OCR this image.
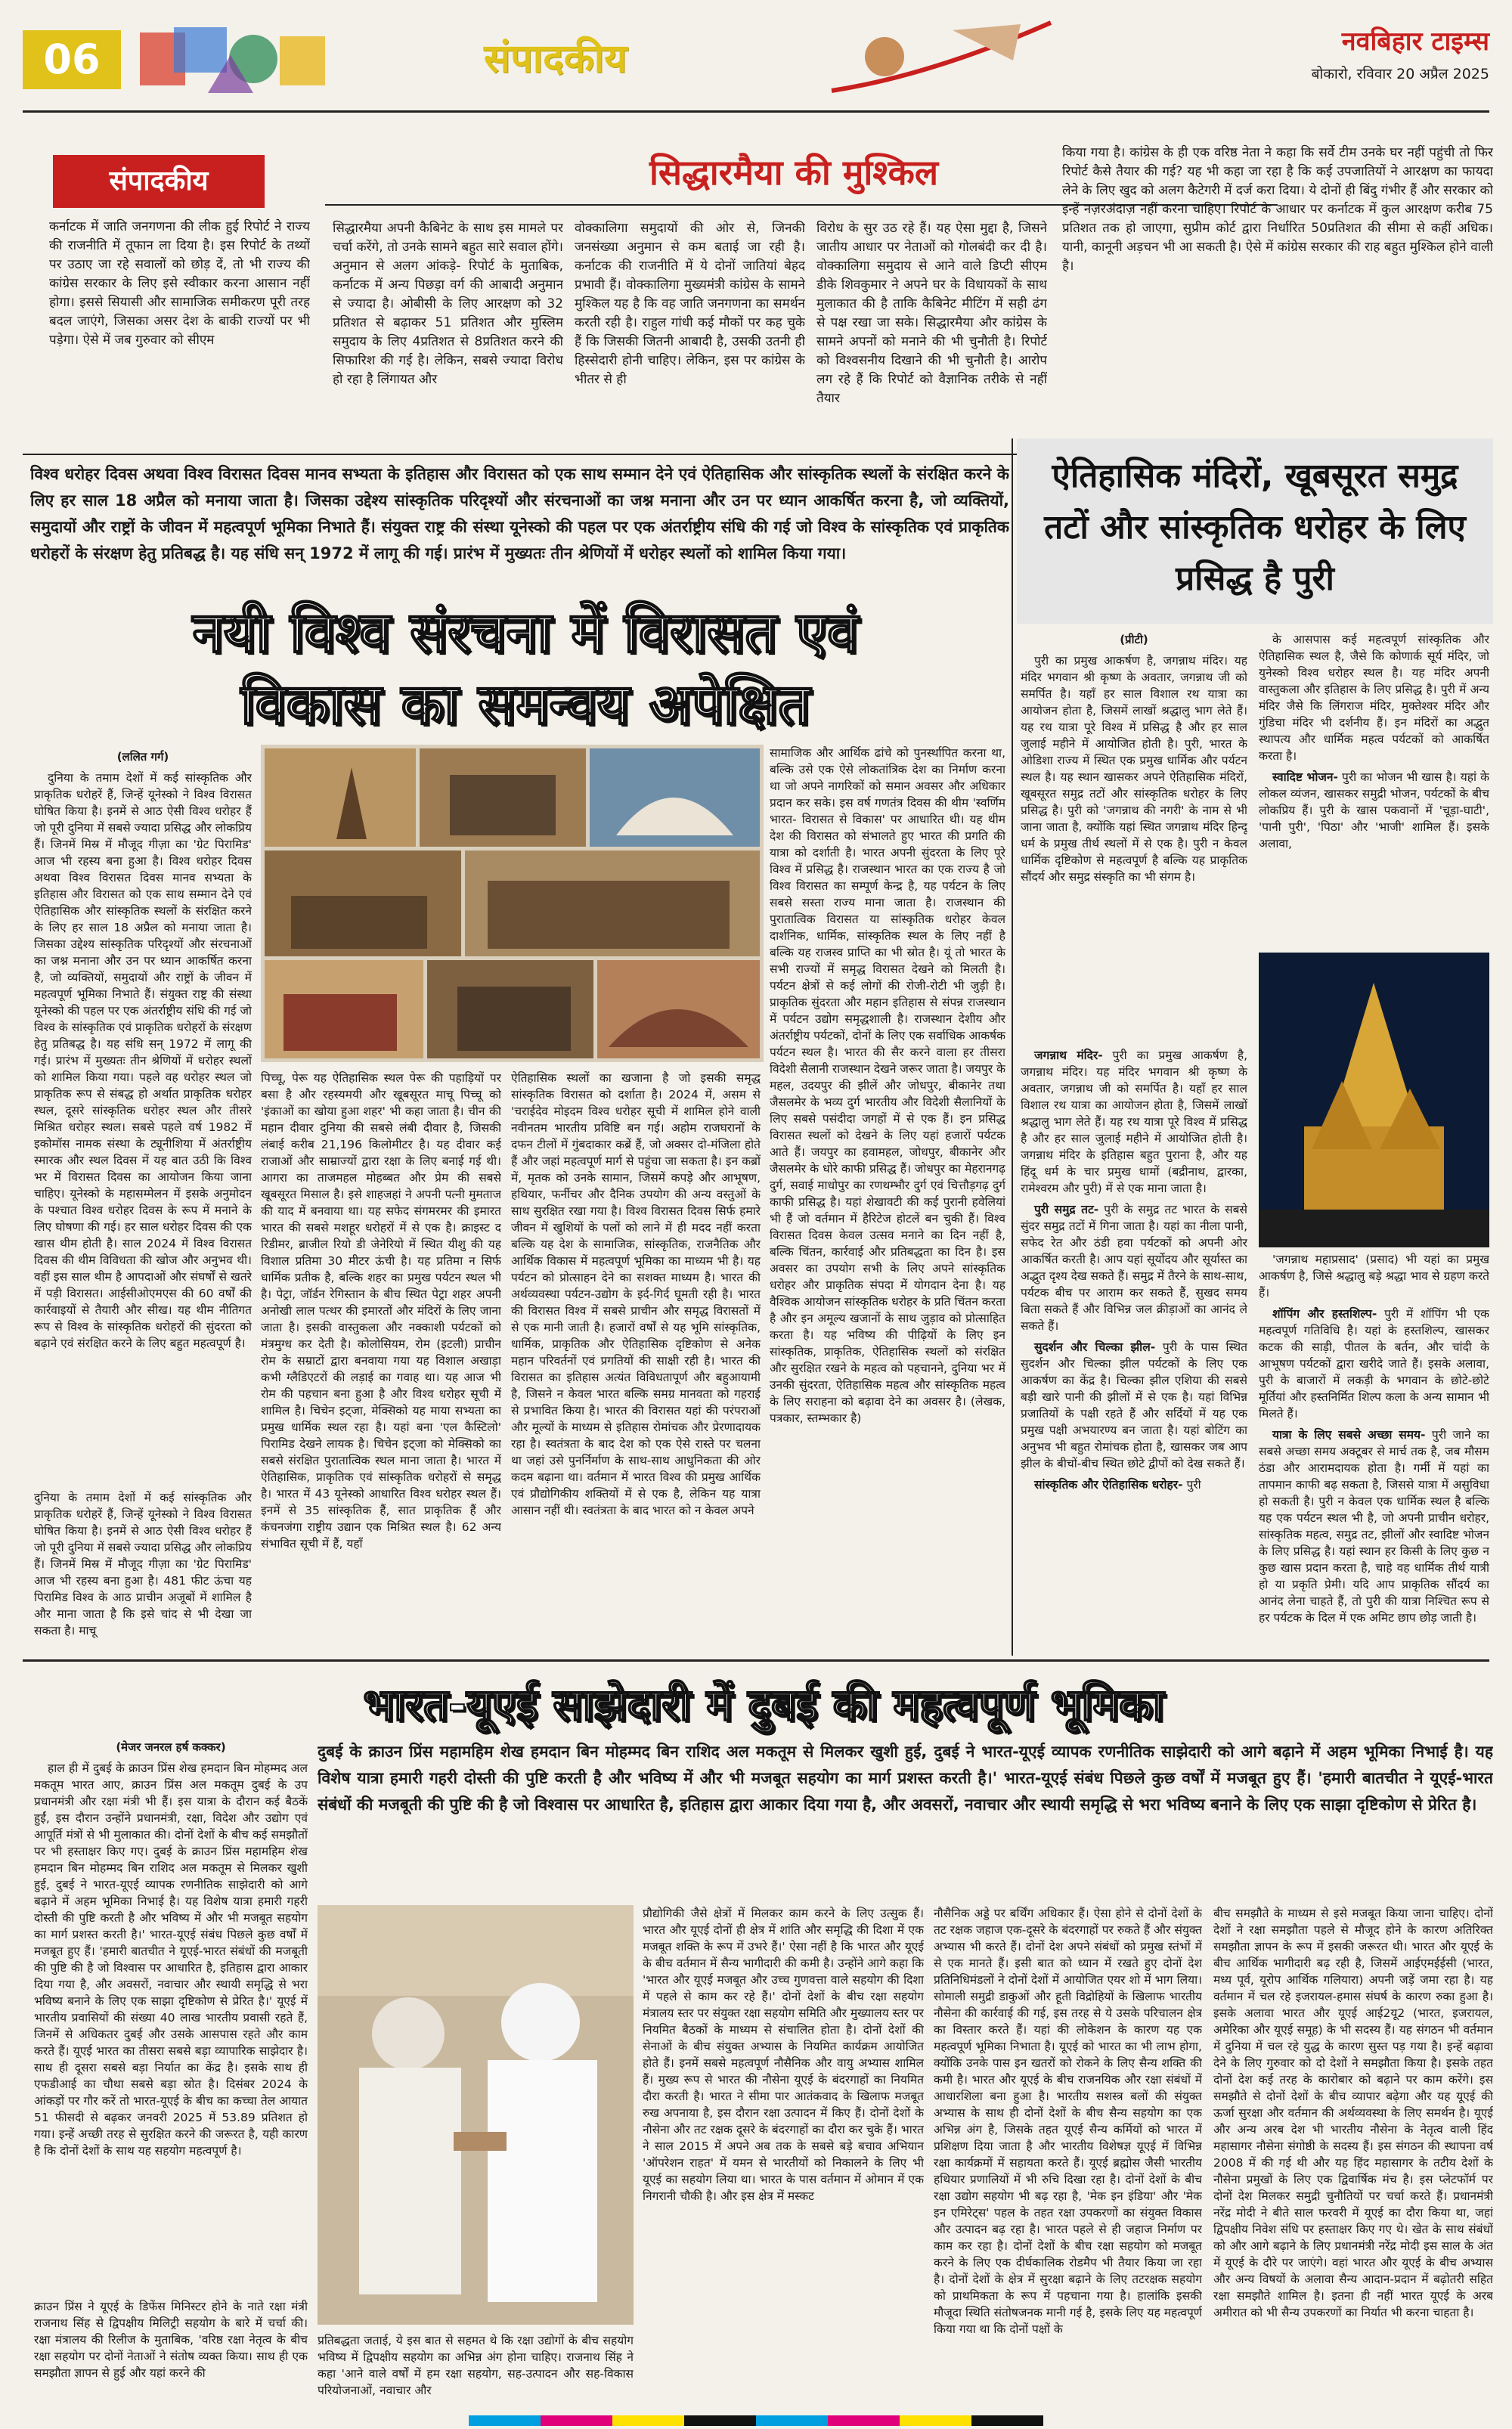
06	संपादकीय	नवबिहार टाइम्स
बोकारो, रविवार 20 अप्रैल 2025
संपादकीय	सिद्धारमैया की मुश्किल
कर्नाटक में जाति जनगणना की लीक हुई रिपोर्ट ने राज्य की राजनीति में तूफान ला दिया है। इस रिपोर्ट के तथ्यों पर उठाए जा रहे सवालों को छोड़ दें, तो भी राज्य की कांग्रेस सरकार के लिए इसे स्वीकार करना आसान नहीं होगा। इससे सियासी और सामाजिक समीकरण पूरी तरह बदल जाएंगे, जिसका असर देश के बाकी राज्यों पर भी पड़ेगा। ऐसे में जब गुरुवार को सीएम
सिद्धारमैया अपनी कैबिनेट के साथ इस मामले पर चर्चा करेंगे, तो उनके सामने बहुत सारे सवाल होंगे। अनुमान से अलग आंकड़े- रिपोर्ट के मुताबिक, कर्नाटक में अन्य पिछड़ा वर्ग की आबादी अनुमान से ज्यादा है। ओबीसी के लिए आरक्षण को 32 प्रतिशत से बढ़ाकर 51 प्रतिशत और मुस्लिम समुदाय के लिए 4प्रतिशत से 8प्रतिशत करने की सिफारिश की गई है। लेकिन, सबसे ज्यादा विरोध हो रहा है लिंगायत और
वोक्कालिगा समुदायों की ओर से, जिनकी जनसंख्या अनुमान से कम बताई जा रही है। कर्नाटक की राजनीति में ये दोनों जातियां बेहद प्रभावी हैं। वोक्कालिगा मुख्यमंत्री कांग्रेस के सामने मुश्किल यह है कि वह जाति जनगणना का समर्थन करती रही है। राहुल गांधी कई मौकों पर कह चुके हैं कि जिसकी जितनी आबादी है, उसकी उतनी ही हिस्सेदारी होनी चाहिए। लेकिन, इस पर कांग्रेस के भीतर से ही
विरोध के सुर उठ रहे हैं। यह ऐसा मुद्दा है, जिसने जातीय आधार पर नेताओं को गोलबंदी कर दी है। वोक्कालिगा समुदाय से आने वाले डिप्टी सीएम डीके शिवकुमार ने अपने घर के विधायकों के साथ मुलाकात की है ताकि कैबिनेट मीटिंग में सही ढंग से पक्ष रखा जा सके। सिद्धारमैया और कांग्रेस के सामने अपनों को मनाने की भी चुनौती है। रिपोर्ट को विश्वसनीय दिखाने की भी चुनौती है। आरोप लग रहे हैं कि रिपोर्ट को वैज्ञानिक तरीके से नहीं तैयार
किया गया है। कांग्रेस के ही एक वरिष्ठ नेता ने कहा कि सर्वे टीम उनके घर नहीं पहुंची तो फिर रिपोर्ट कैसे तैयार की गई? यह भी कहा जा रहा है कि कई उपजातियों ने आरक्षण का फायदा लेने के लिए खुद को अलग कैटेगरी में दर्ज करा दिया। ये दोनों ही बिंदु गंभीर हैं और सरकार को इन्हें नज़रअंदाज़ नहीं करना चाहिए। रिपोर्ट के आधार पर कर्नाटक में कुल आरक्षण करीब 75 प्रतिशत तक हो जाएगा, सुप्रीम कोर्ट द्वारा निर्धारित 50प्रतिशत की सीमा से कहीं अधिक। यानी, कानूनी अड़चन भी आ सकती है। ऐसे में कांग्रेस सरकार की राह बहुत मुश्किल होने वाली है।
विश्व धरोहर दिवस अथवा विश्व विरासत दिवस मानव सभ्यता के इतिहास और विरासत को एक साथ सम्मान देने एवं ऐतिहासिक और सांस्कृतिक स्थलों के संरक्षित करने के लिए हर साल 18 अप्रैल को मनाया जाता है। जिसका उद्देश्य सांस्कृतिक परिदृश्यों और संरचनाओं का जश्न मनाना और उन पर ध्यान आकर्षित करना है, जो व्यक्तियों, समुदायों और राष्ट्रों के जीवन में महत्वपूर्ण भूमिका निभाते हैं। संयुक्त राष्ट्र की संस्था यूनेस्को की पहल पर एक अंतर्राष्ट्रीय संधि की गई जो विश्व के सांस्कृतिक एवं प्राकृतिक धरोहरों के संरक्षण हेतु प्रतिबद्ध है। यह संधि सन् 1972 में लागू की गई। प्रारंभ में मुख्यतः तीन श्रेणियों में धरोहर स्थलों को शामिल किया गया।
नयी विश्व संरचना में विरासत एवं
विकास का समन्वय अपेक्षित

(ललित गर्ग)

दुनिया के तमाम देशों में कई सांस्कृतिक और प्राकृतिक धरोहरें हैं, जिन्हें यूनेस्को ने विश्व विरासत घोषित किया है। इनमें से आठ ऐसी विश्व धरोहर हैं जो पूरी दुनिया में सबसे ज्यादा प्रसिद्ध और लोकप्रिय हैं। जिनमें मिस्र में मौजूद गीज़ा का 'ग्रेट पिरामिड' आज भी रहस्य बना हुआ है। विश्व धरोहर दिवस अथवा विश्व विरासत दिवस मानव सभ्यता के इतिहास और विरासत को एक साथ सम्मान देने एवं ऐतिहासिक और सांस्कृतिक स्थलों के संरक्षित करने के लिए हर साल 18 अप्रैल को मनाया जाता है। जिसका उद्देश्य सांस्कृतिक परिदृश्यों और संरचनाओं का जश्न मनाना और उन पर ध्यान आकर्षित करना है, जो व्यक्तियों, समुदायों और राष्ट्रों के जीवन में महत्वपूर्ण भूमिका निभाते हैं। संयुक्त राष्ट्र की संस्था यूनेस्को की पहल पर एक अंतर्राष्ट्रीय संधि की गई जो विश्व के सांस्कृतिक एवं प्राकृतिक धरोहरों के संरक्षण हेतु प्रतिबद्ध है। यह संधि सन् 1972 में लागू की गई। प्रारंभ में मुख्यतः तीन श्रेणियों में धरोहर स्थलों को शामिल किया गया। पहले वह धरोहर स्थल जो प्राकृतिक रूप से संबद्ध हो अर्थात प्राकृतिक धरोहर स्थल, दूसरे सांस्कृतिक धरोहर स्थल और तीसरे मिश्रित धरोहर स्थल। सबसे पहले वर्ष 1982 में इकोमॉस नामक संस्था के ट्यूनीशिया में अंतर्राष्ट्रीय स्मारक और स्थल दिवस में यह बात उठी कि विश्व भर में विरासत दिवस का आयोजन किया जाना चाहिए। यूनेस्को के महासम्मेलन में इसके अनुमोदन के पश्चात विश्व धरोहर दिवस के रूप में मनाने के लिए घोषणा की गई। हर साल धरोहर दिवस की एक खास थीम होती है। साल 2024 में विश्व विरासत दिवस की थीम विविधता की खोज और अनुभव थी। वहीं इस साल थीम है आपदाओं और संघर्षों से खतरे में पड़ी विरासत। आईसीओएमएस की 60 वर्षों की कार्रवाइयों से तैयारी और सीख। यह थीम नीतिगत रूप से विश्व के सांस्कृतिक धरोहरों की सुंदरता को बढ़ाने एवं संरक्षित करने के लिए बहुत महत्वपूर्ण है।

दुनिया के तमाम देशों में कई सांस्कृतिक और प्राकृतिक धरोहरें हैं, जिन्हें यूनेस्को ने विश्व विरासत घोषित किया है। इनमें से आठ ऐसी विश्व धरोहर हैं जो पूरी दुनिया में सबसे ज्यादा प्रसिद्ध और लोकप्रिय हैं। जिनमें मिस्र में मौजूद गीज़ा का 'ग्रेट पिरामिड' आज भी रहस्य बना हुआ है। 481 फीट ऊंचा यह पिरामिड विश्व के आठ प्राचीन अजूबों में शामिल है और माना जाता है कि इसे चांद से भी देखा जा सकता है। माचू
पिच्चू, पेरू यह ऐतिहासिक स्थल पेरू की पहाड़ियों पर बसा है और रहस्यमयी और खूबसूरत माचू पिच्चू को 'इंकाओं का खोया हुआ शहर' भी कहा जाता है। चीन की महान दीवार दुनिया की सबसे लंबी दीवार है, जिसकी लंबाई करीब 21,196 किलोमीटर है। यह दीवार कई राजाओं और साम्राज्यों द्वारा रक्षा के लिए बनाई गई थी। आगरा का ताजमहल मोहब्बत और प्रेम की सबसे खूबसूरत मिसाल है। इसे शाहजहां ने अपनी पत्नी मुमताज की याद में बनवाया था। यह सफेद संगमरमर की इमारत भारत की सबसे मशहूर धरोहरों में से एक है। क्राइस्ट द रिडीमर, ब्राजील रियो डी जेनेरियो में स्थित यीशु की यह विशाल प्रतिमा 30 मीटर ऊंची है। यह प्रतिमा न सिर्फ धार्मिक प्रतीक है, बल्कि शहर का प्रमुख पर्यटन स्थल भी है। पेट्रा, जॉर्डन रेगिस्तान के बीच स्थित पेट्रा शहर अपनी अनोखी लाल पत्थर की इमारतों और मंदिरों के लिए जाना जाता है। इसकी वास्तुकला और नक्काशी पर्यटकों को मंत्रमुग्ध कर देती है। कोलोसियम, रोम (इटली) प्राचीन रोम के सम्राटों द्वारा बनवाया गया यह विशाल अखाड़ा कभी ग्लैडिएटरों की लड़ाई का गवाह था। यह आज भी रोम की पहचान बना हुआ है और विश्व धरोहर सूची में शामिल है। चिचेन इट्जा, मेक्सिको यह माया सभ्यता का प्रमुख धार्मिक स्थल रहा है। यहां बना 'एल कैस्टिलो' पिरामिड देखने लायक है। चिचेन इट्जा को मेक्सिको का सबसे संरक्षित पुरातात्विक स्थल माना जाता है। भारत में ऐतिहासिक, प्राकृतिक एवं सांस्कृतिक धरोहरों से समृद्ध है। भारत में 43 यूनेस्को आधारित विश्व धरोहर स्थल हैं। इनमें से 35 सांस्कृतिक हैं, सात प्राकृतिक हैं और कंचनजंगा राष्ट्रीय उद्यान एक मिश्रित स्थल है। 62 अन्य संभावित सूची में हैं, यहाँ
ऐतिहासिक स्थलों का खजाना है जो इसकी समृद्ध सांस्कृतिक विरासत को दर्शाता है। 2024 में, असम से 'चराईदेव मोइदम विश्व धरोहर सूची में शामिल होने वाली नवीनतम भारतीय प्रविष्टि बन गई। अहोम राजघरानों के दफन टीलों में गुंबदाकार कब्रें हैं, जो अक्सर दो-मंजिला होते हैं और जहां महत्वपूर्ण मार्ग से पहुंचा जा सकता है। इन कब्रों में, मृतक को उनके सामान, जिसमें कपड़े और आभूषण, हथियार, फर्नीचर और दैनिक उपयोग की अन्य वस्तुओं के साथ सुरक्षित रखा गया है। विश्व विरासत दिवस सिर्फ हमारे जीवन में खुशियों के पलों को लाने में ही मदद नहीं करता बल्कि यह देश के सामाजिक, सांस्कृतिक, राजनैतिक और आर्थिक विकास में महत्वपूर्ण भूमिका का माध्यम भी है। यह पर्यटन को प्रोत्साहन देने का सशक्त माध्यम है। भारत की अर्थव्यवस्था पर्यटन-उद्योग के इर्द-गिर्द घूमती रही है। भारत की विरासत विश्व में सबसे प्राचीन और समृद्ध विरासतों में से एक मानी जाती है। हजारों वर्षों से यह भूमि सांस्कृतिक, धार्मिक, प्राकृतिक और ऐतिहासिक दृष्टिकोण से अनेक महान परिवर्तनों एवं प्रगतियों की साक्षी रही है। भारत की विरासत का इतिहास अत्यंत विविधतापूर्ण और बहुआयामी है, जिसने न केवल भारत बल्कि समग्र मानवता को गहराई से प्रभावित किया है। भारत की विरासत यहां की परंपराओं और मूल्यों के माध्यम से इतिहास रोमांचक और प्रेरणादायक रहा है। स्वतंत्रता के बाद देश को एक ऐसे रास्ते पर चलना था जहां उसे पुनर्निर्माण के साथ-साथ आधुनिकता की ओर कदम बढ़ाना था। वर्तमान में भारत विश्व की प्रमुख आर्थिक एवं प्रौद्योगिकीय शक्तियों में से एक है, लेकिन यह यात्रा आसान नहीं थी। स्वतंत्रता के बाद भारत को न केवल अपने
सामाजिक और आर्थिक ढांचे को पुनर्स्थापित करना था, बल्कि उसे एक ऐसे लोकतांत्रिक देश का निर्माण करना था जो अपने नागरिकों को समान अवसर और अधिकार प्रदान कर सके। इस वर्ष गणतंत्र दिवस की थीम 'स्वर्णिम भारत- विरासत से विकास' पर आधारित थी। यह थीम देश की विरासत को संभालते हुए भारत की प्रगति की यात्रा को दर्शाती है। भारत अपनी सुंदरता के लिए पूरे विश्व में प्रसिद्ध है। राजस्थान भारत का एक राज्य है जो विश्व विरासत का सम्पूर्ण केन्द्र है, यह पर्यटन के लिए सबसे सस्ता राज्य माना जाता है। राजस्थान की पुरातात्विक विरासत या सांस्कृतिक धरोहर केवल दार्शनिक, धार्मिक, सांस्कृतिक स्थल के लिए नहीं है बल्कि यह राजस्व प्राप्ति का भी स्रोत है। यूं तो भारत के सभी राज्यों में समृद्ध विरासत देखने को मिलती है। पर्यटन क्षेत्रों से कई लोगों की रोजी-रोटी भी जुड़ी है। प्राकृतिक सुंदरता और महान इतिहास से संपन्न राजस्थान में पर्यटन उद्योग समृद्धशाली है। राजस्थान देशीय और अंतर्राष्ट्रीय पर्यटकों, दोनों के लिए एक सर्वाधिक आकर्षक पर्यटन स्थल है। भारत की सैर करने वाला हर तीसरा विदेशी सैलानी राजस्थान देखने जरूर जाता है। जयपुर के महल, उदयपुर की झीलें और जोधपुर, बीकानेर तथा जैसलमेर के भव्य दुर्ग भारतीय और विदेशी सैलानियों के लिए सबसे पसंदीदा जगहों में से एक हैं। इन प्रसिद्ध विरासत स्थलों को देखने के लिए यहां हजारों पर्यटक आते हैं। जयपुर का हवामहल, जोधपुर, बीकानेर और जैसलमेर के धोरे काफी प्रसिद्ध हैं। जोधपुर का मेहरानगढ़ दुर्ग, सवाई माधोपुर का रणथम्भौर दुर्ग एवं चित्तौड़गढ़ दुर्ग काफी प्रसिद्ध है। यहां शेखावटी की कई पुरानी हवेलियां भी हैं जो वर्तमान में हैरिटेज होटलें बन चुकी हैं। विश्व विरासत दिवस केवल उत्सव मनाने का दिन नहीं है, बल्कि चिंतन, कार्रवाई और प्रतिबद्धता का दिन है। इस अवसर का उपयोग सभी के लिए अपने सांस्कृतिक धरोहर और प्राकृतिक संपदा में योगदान देना है। यह वैश्विक आयोजन सांस्कृतिक धरोहर के प्रति चिंतन करता है और इन अमूल्य खजानों के साथ जुड़ाव को प्रोत्साहित करता है। यह भविष्य की पीढ़ियों के लिए इन सांस्कृतिक, प्राकृतिक, ऐतिहासिक स्थलों को संरक्षित और सुरक्षित रखने के महत्व को पहचानने, दुनिया भर में उनकी सुंदरता, ऐतिहासिक महत्व और सांस्कृतिक महत्व के लिए सराहना को बढ़ावा देने का अवसर है। (लेखक, पत्रकार, स्तम्भकार है)
ऐतिहासिक मंदिरों, खूबसूरत समुद्र तटों और सांस्कृतिक धरोहर के लिए प्रसिद्ध है पुरी

(प्रीटी)

पुरी का प्रमुख आकर्षण है, जगन्नाथ मंदिर। यह मंदिर भगवान श्री कृष्ण के अवतार, जगन्नाथ जी को समर्पित है। यहाँ हर साल विशाल रथ यात्रा का आयोजन होता है, जिसमें लाखों श्रद्धालु भाग लेते हैं। यह रथ यात्रा पूरे विश्व में प्रसिद्ध है और हर साल जुलाई महीने में आयोजित होती है। पुरी, भारत के ओडिशा राज्य में स्थित एक प्रमुख धार्मिक और पर्यटन स्थल है। यह स्थान खासकर अपने ऐतिहासिक मंदिरों, खूबसूरत समुद्र तटों और सांस्कृतिक धरोहर के लिए प्रसिद्ध है। पुरी को 'जगन्नाथ की नगरी' के नाम से भी जाना जाता है, क्योंकि यहां स्थित जगन्नाथ मंदिर हिन्दू धर्म के प्रमुख तीर्थ स्थलों में से एक है। पुरी न केवल धार्मिक दृष्टिकोण से महत्वपूर्ण है बल्कि यह प्राकृतिक सौंदर्य और समुद्र संस्कृति का भी संगम है।

जगन्नाथ मंदिर- पुरी का प्रमुख आकर्षण है, जगन्नाथ मंदिर। यह मंदिर भगवान श्री कृष्ण के अवतार, जगन्नाथ जी को समर्पित है। यहाँ हर साल विशाल रथ यात्रा का आयोजन होता है, जिसमें लाखों श्रद्धालु भाग लेते हैं। यह रथ यात्रा पूरे विश्व में प्रसिद्ध है और हर साल जुलाई महीने में आयोजित होती है। जगन्नाथ मंदिर के इतिहास बहुत पुराना है, और यह हिंदू धर्म के चार प्रमुख धामों (बद्रीनाथ, द्वारका, रामेश्वरम और पुरी) में से एक माना जाता है।

पुरी समुद्र तट- पुरी के समुद्र तट भारत के सबसे सुंदर समुद्र तटों में गिना जाता है। यहां का नीला पानी, सफेद रेत और ठंडी हवा पर्यटकों को अपनी ओर आकर्षित करती है। आप यहां सूर्योदय और सूर्यास्त का अद्भुत दृश्य देख सकते हैं। समुद्र में तैरने के साथ-साथ, पर्यटक बीच पर आराम कर सकते हैं, सुखद समय बिता सकते हैं और विभिन्न जल क्रीड़ाओं का आनंद ले सकते हैं।

सुदर्शन और चिल्का झील- पुरी के पास स्थित सुदर्शन और चिल्का झील पर्यटकों के लिए एक आकर्षण का केंद्र है। चिल्का झील एशिया की सबसे बड़ी खारे पानी की झीलों में से एक है। यहां विभिन्न प्रजातियों के पक्षी रहते हैं और सर्दियों में यह एक प्रमुख पक्षी अभयारण्य बन जाता है। यहां बोटिंग का अनुभव भी बहुत रोमांचक होता है, खासकर जब आप झील के बीचों-बीच स्थित छोटे द्वीपों को देख सकते हैं।

सांस्कृतिक और ऐतिहासिक धरोहर- पुरी

के आसपास कई महत्वपूर्ण सांस्कृतिक और ऐतिहासिक स्थल है, जैसे कि कोणार्क सूर्य मंदिर, जो युनेस्को विश्व धरोहर स्थल है। यह मंदिर अपनी वास्तुकला और इतिहास के लिए प्रसिद्ध है। पुरी में अन्य मंदिर जैसे कि लिंगराज मंदिर, मुक्तेश्वर मंदिर और गुंडिचा मंदिर भी दर्शनीय हैं। इन मंदिरों का अद्भुत स्थापत्य और धार्मिक महत्व पर्यटकों को आकर्षित करता है।

स्वादिष्ट भोजन- पुरी का भोजन भी खास है। यहां के लोकल व्यंजन, खासकर समुद्री भोजन, पर्यटकों के बीच लोकप्रिय हैं। पुरी के खास पकवानों में 'चूड़ा-घाटी', 'पानी पुरी', 'पिठा' और 'भाजी' शामिल हैं। इसके अलावा,

'जगन्नाथ महाप्रसाद' (प्रसाद) भी यहां का प्रमुख आकर्षण है, जिसे श्रद्धालु बड़े श्रद्धा भाव से ग्रहण करते हैं।

शॉपिंग और हस्तशिल्प- पुरी में शॉपिंग भी एक महत्वपूर्ण गतिविधि है। यहां के हस्तशिल्प, खासकर कटक की साड़ी, पीतल के बर्तन, और चांदी के आभूषण पर्यटकों द्वारा खरीदे जाते हैं। इसके अलावा, पुरी के बाजारों में लकड़ी के भगवान के छोटे-छोटे मूर्तियां और हस्तनिर्मित शिल्प कला के अन्य सामान भी मिलते हैं।

यात्रा के लिए सबसे अच्छा समय- पुरी जाने का सबसे अच्छा समय अक्टूबर से मार्च तक है, जब मौसम ठंडा और आरामदायक होता है। गर्मी में यहां का तापमान काफी बढ़ सकता है, जिससे यात्रा में असुविधा हो सकती है। पुरी न केवल एक धार्मिक स्थल है बल्कि यह एक पर्यटन स्थल भी है, जो अपनी प्राचीन धरोहर, सांस्कृतिक महत्व, समुद्र तट, झीलों और स्वादिष्ट भोजन के लिए प्रसिद्ध है। यहां स्थान हर किसी के लिए कुछ न कुछ खास प्रदान करता है, चाहे वह धार्मिक तीर्थ यात्री हो या प्रकृति प्रेमी। यदि आप प्राकृतिक सौंदर्य का आनंद लेना चाहते हैं, तो पुरी की यात्रा निश्चित रूप से हर पर्यटक के दिल में एक अमिट छाप छोड़ जाती है।

भारत-यूएई साझेदारी में दुबई की महत्वपूर्ण भूमिका
दुबई के क्राउन प्रिंस महामहिम शेख हमदान बिन मोहम्मद बिन राशिद अल मकतूम से मिलकर खुशी हुई, दुबई ने भारत-यूएई व्यापक रणनीतिक साझेदारी को आगे बढ़ाने में अहम भूमिका निभाई है। यह विशेष यात्रा हमारी गहरी दोस्ती की पुष्टि करती है और भविष्य में और भी मजबूत सहयोग का मार्ग प्रशस्त करती है।' भारत-यूएई संबंध पिछले कुछ वर्षों में मजबूत हुए हैं। 'हमारी बातचीत ने यूएई-भारत संबंधों की मजबूती की पुष्टि की है जो विश्वास पर आधारित है, इतिहास द्वारा आकार दिया गया है, और अवसरों, नवाचार और स्थायी समृद्धि से भरा भविष्य बनाने के लिए एक साझा दृष्टिकोण से प्रेरित है।

(मेजर जनरल हर्ष कक्कर)

हाल ही में दुबई के क्राउन प्रिंस शेख हमदान बिन मोहम्मद अल मकतूम भारत आए, क्राउन प्रिंस अल मकतूम दुबई के उप प्रधानमंत्री और रक्षा मंत्री भी हैं। इस यात्रा के दौरान कई बैठकें हुईं, इस दौरान उन्होंने प्रधानमंत्री, रक्षा, विदेश और उद्योग एवं आपूर्ति मंत्रों से भी मुलाकात की। दोनों देशों के बीच कई समझौतों पर भी हस्ताक्षर किए गए। दुबई के क्राउन प्रिंस महामहिम शेख हमदान बिन मोहम्मद बिन राशिद अल मकतूम से मिलकर खुशी हुई, दुबई ने भारत-यूएई व्यापक रणनीतिक साझेदारी को आगे बढ़ाने में अहम भूमिका निभाई है। यह विशेष यात्रा हमारी गहरी दोस्ती की पुष्टि करती है और भविष्य में और भी मजबूत सहयोग का मार्ग प्रशस्त करती है।' भारत-यूएई संबंध पिछले कुछ वर्षों में मजबूत हुए हैं। 'हमारी बातचीत ने यूएई-भारत संबंधों की मजबूती की पुष्टि की है जो विश्वास पर आधारित है, इतिहास द्वारा आकार दिया गया है, और अवसरों, नवाचार और स्थायी समृद्धि से भरा भविष्य बनाने के लिए एक साझा दृष्टिकोण से प्रेरित है।' यूएई में भारतीय प्रवासियों की संख्या 40 लाख भारतीय प्रवासी रहते हैं, जिनमें से अधिकतर दुबई और उसके आसपास रहते और काम करते हैं। यूएई भारत का तीसरा सबसे बड़ा व्यापारिक साझेदार है। साथ ही दूसरा सबसे बड़ा निर्यात का केंद्र है। इसके साथ ही एफडीआई का चौथा सबसे बड़ा स्रोत है। दिसंबर 2024 के आंकड़ों पर गौर करें तो भारत-यूएई के बीच का कच्चा तेल आयात 51 फीसदी से बढ़कर जनवरी 2025 में 53.89 प्रतिशत हो गया। इन्हें अच्छी तरह से सुरक्षित करने की जरूरत है, यही कारण है कि दोनों देशों के साथ यह सहयोग महत्वपूर्ण है।

क्राउन प्रिंस ने यूएई के डिफेंस मिनिस्टर होने के नाते रक्षा मंत्री राजनाथ सिंह से द्विपक्षीय मिलिट्री सहयोग के बारे में चर्चा की। रक्षा मंत्रालय की रिलीज के मुताबिक, 'वरिष्ठ रक्षा नेतृत्व के बीच रक्षा सहयोग पर दोनों नेताओं ने संतोष व्यक्त किया। साथ ही एक समझौता ज्ञापन से हुई और यहां करने की
प्रतिबद्धता जताई, ये इस बात से सहमत थे कि रक्षा उद्योगों के बीच सहयोग भविष्य में द्विपक्षीय सहयोग का अभिन्न अंग होना चाहिए। राजनाथ सिंह ने कहा 'आने वाले वर्षों में हम रक्षा सहयोग, सह-उत्पादन और सह-विकास परियोजनाओं, नवाचार और
प्रौद्योगिकी जैसे क्षेत्रों में मिलकर काम करने के लिए उत्सुक हैं। भारत और यूएई दोनों ही क्षेत्र में शांति और समृद्धि की दिशा में एक मजबूत शक्ति के रूप में उभरे हैं।' ऐसा नहीं है कि भारत और यूएई के बीच वर्तमान में सैन्य भागीदारी की कमी है। उन्होंने आगे कहा कि 'भारत और यूएई मजबूत और उच्च गुणवत्ता वाले सहयोग की दिशा में पहले से काम कर रहे हैं।' दोनों देशों के बीच रक्षा सहयोग मंत्रालय स्तर पर संयुक्त रक्षा सहयोग समिति और मुख्यालय स्तर पर नियमित बैठकों के माध्यम से संचालित होता है। दोनों देशों की सेनाओं के बीच संयुक्त अभ्यास के नियमित कार्यक्रम आयोजित होते हैं। इनमें सबसे महत्वपूर्ण नौसैनिक और वायु अभ्यास शामिल हैं। मुख्य रूप से भारत की नौसेना यूएई के बंदरगाहों का नियमित दौरा करती है। भारत ने सीमा पार आतंकवाद के खिलाफ मजबूत रुख अपनाया है, इस दौरान रक्षा उत्पादन में किए हैं। दोनों देशों के नौसेना और तट रक्षक दूसरे के बंदरगाहों का दौरा कर चुके हैं। भारत ने साल 2015 में अपने अब तक के सबसे बड़े बचाव अभियान 'ऑपरेशन राहत' में यमन से भारतीयों को निकालने के लिए भी यूएई का सहयोग लिया था। भारत के पास वर्तमान में ओमान में एक निगरानी चौकी है। और इस क्षेत्र में मस्कट
नौसैनिक अड्डे पर बर्थिंग अधिकार हैं। ऐसा होने से दोनों देशों के तट रक्षक जहाज एक-दूसरे के बंदरगाहों पर रुकते हैं और संयुक्त अभ्यास भी करते हैं। दोनों देश अपने संबंधों को प्रमुख स्तंभों में से एक मानते हैं। इसी बात को ध्यान में रखते हुए दोनों देश प्रतिनिधिमंडलों ने दोनों देशों में आयोजित एयर शो में भाग लिया। सोमाली समुद्री डाकुओं और हूती विद्रोहियों के खिलाफ भारतीय नौसेना की कार्रवाई की गई, इस तरह से ये उसके परिचालन क्षेत्र का विस्तार करते हैं। यहां की लोकेशन के कारण यह एक महत्वपूर्ण भूमिका निभाता है। यूएई को भारत का भी लाभ होगा, क्योंकि उनके पास इन खतरों को रोकने के लिए सैन्य शक्ति की कमी है। भारत और यूएई के बीच राजनयिक और रक्षा संबंधों में आधारशिला बना हुआ है। भारतीय सशस्त्र बलों की संयुक्त अभ्यास के साथ ही दोनों देशों के बीच सैन्य सहयोग का एक अभिन्न अंग है, जिसके तहत यूएई सैन्य कर्मियों को भारत में प्रशिक्षण दिया जाता है और भारतीय विशेषज्ञ यूएई में विभिन्न रक्षा कार्यक्रमों में सहायता करते हैं। यूएई ब्रह्मोस जैसी भारतीय हथियार प्रणालियों में भी रुचि दिखा रहा है। दोनों देशों के बीच रक्षा उद्योग सहयोग भी बढ़ रहा है, 'मेक इन इंडिया' और 'मेक इन एमिरेट्स' पहल के तहत रक्षा उपकरणों का संयुक्त विकास और उत्पादन बढ़ रहा है। भारत पहले से ही जहाज निर्माण पर काम कर रहा है। दोनों देशों के बीच रक्षा सहयोग को मजबूत करने के लिए एक दीर्घकालिक रोडमैप भी तैयार किया जा रहा है। दोनों देशों के क्षेत्र में सुरक्षा बढ़ाने के लिए तटरक्षक सहयोग को प्राथमिकता के रूप में पहचाना गया है। हालांकि इसकी मौजूदा स्थिति संतोषजनक मानी गई है, इसके लिए यह महत्वपूर्ण किया गया था कि दोनों पक्षों के
बीच समझौते के माध्यम से इसे मजबूत किया जाना चाहिए। दोनों देशों ने रक्षा समझौता पहले से मौजूद होने के कारण अतिरिक्त समझौता ज्ञापन के रूप में इसकी जरूरत थी। भारत और यूएई के बीच आर्थिक भागीदारी बढ़ रही है, जिसमें आईएमईईसी (भारत, मध्य पूर्व, यूरोप आर्थिक गलियारा) अपनी जड़ें जमा रहा है। यह वर्तमान में चल रहे इजरायल-हमास संघर्ष के कारण रुका हुआ है। इसके अलावा भारत और यूएई आई2यू2 (भारत, इजरायल, अमेरिका और यूएई समूह) के भी सदस्य हैं। यह संगठन भी वर्तमान में दुनिया में चल रहे युद्ध के कारण सुस्त पड़ गया है। इन्हें बढ़ावा देने के लिए गुरुवार को दो देशों ने समझौता किया है। इसके तहत दोनों देश कई तरह के कारोबार को बढ़ाने पर काम करेंगे। इस समझौते से दोनों देशों के बीच व्यापार बढ़ेगा और यह यूएई की ऊर्जा सुरक्षा और वर्तमान की अर्थव्यवस्था के लिए समर्थन है। यूएई और अन्य अरब देश भी भारतीय नौसेना के नेतृत्व वाली हिंद महासागर नौसेना संगोष्ठी के सदस्य हैं। इस संगठन की स्थापना वर्ष 2008 में की गई थी और यह हिंद महासागर के तटीय देशों के नौसेना प्रमुखों के लिए एक द्विवार्षिक मंच है। इस प्लेटफॉर्म पर दोनों देश मिलकर समुद्री चुनौतियों पर चर्चा करते हैं। प्रधानमंत्री नरेंद्र मोदी ने बीते साल फरवरी में यूएई का दौरा किया था, जहां द्विपक्षीय निवेश संधि पर हस्ताक्षर किए गए थे। खेत के साथ संबंधों को और आगे बढ़ाने के लिए प्रधानमंत्री नरेंद्र मोदी इस साल के अंत में यूएई के दौरे पर जाएंगे। वहां भारत और यूएई के बीच अभ्यास और अन्य विषयों के अलावा सैन्य आदान-प्रदान में बढ़ोतरी सहित रक्षा समझौते शामिल है। इतना ही नहीं भारत यूएई के अरब अमीरात को भी सैन्य उपकरणों का निर्यात भी करना चाहता है।
